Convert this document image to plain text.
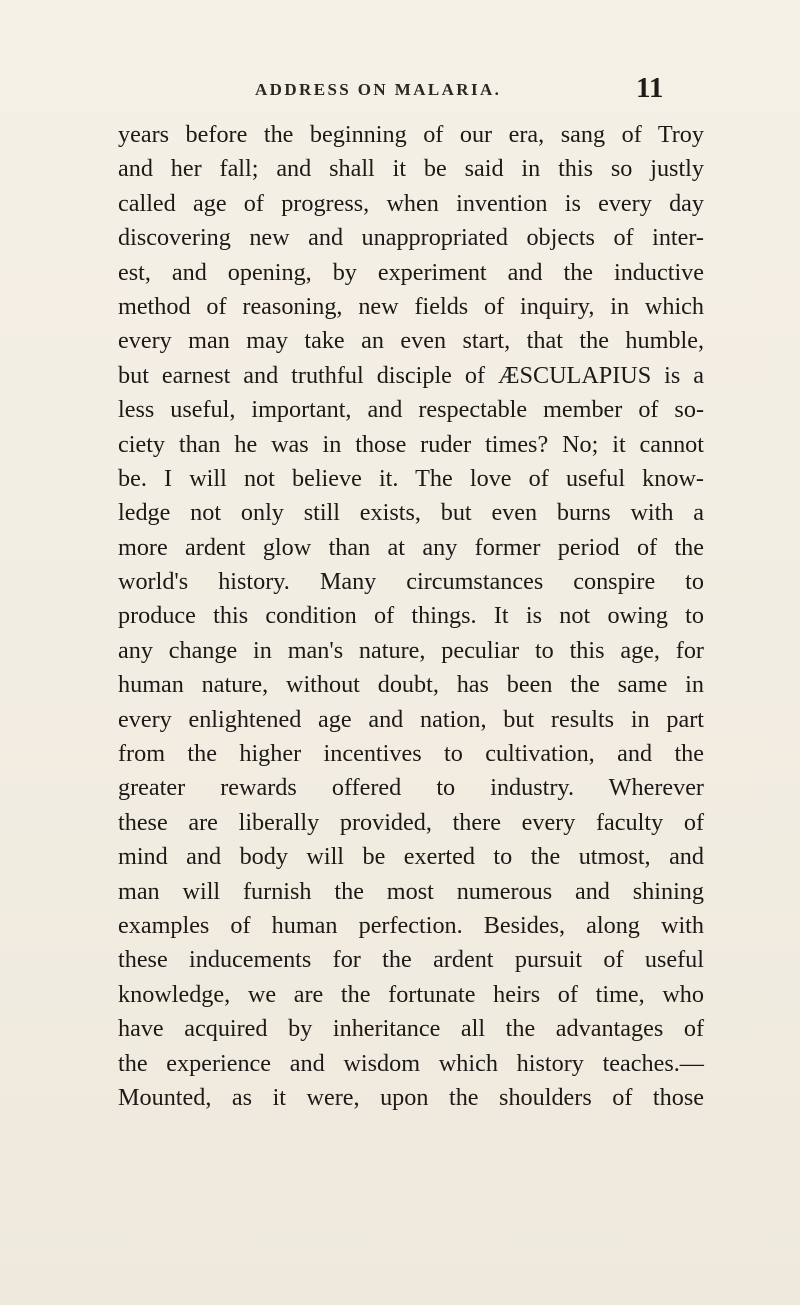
ADDRESS ON MALARIA.	11
years before the beginning of our era, sang of Troy
and her fall; and shall it be said in this so justly
called age of progress, when invention is every day
discovering new and unappropriated objects of inter-
est, and opening, by experiment and the inductive
method of reasoning, new fields of inquiry, in which
every man may take an even start, that the humble,
but earnest and truthful disciple of ÆSCULAPIUS is a
less useful, important, and respectable member of so-
ciety than he was in those ruder times? No; it cannot
be. I will not believe it. The love of useful know-
ledge not only still exists, but even burns with a
more ardent glow than at any former period of the
world's history. Many circumstances conspire to
produce this condition of things. It is not owing to
any change in man's nature, peculiar to this age, for
human nature, without doubt, has been the same in
every enlightened age and nation, but results in part
from the higher incentives to cultivation, and the
greater rewards offered to industry. Wherever
these are liberally provided, there every faculty of
mind and body will be exerted to the utmost, and
man will furnish the most numerous and shining
examples of human perfection. Besides, along with
these inducements for the ardent pursuit of useful
knowledge, we are the fortunate heirs of time, who
have acquired by inheritance all the advantages of
the experience and wisdom which history teaches.—
Mounted, as it were, upon the shoulders of those
